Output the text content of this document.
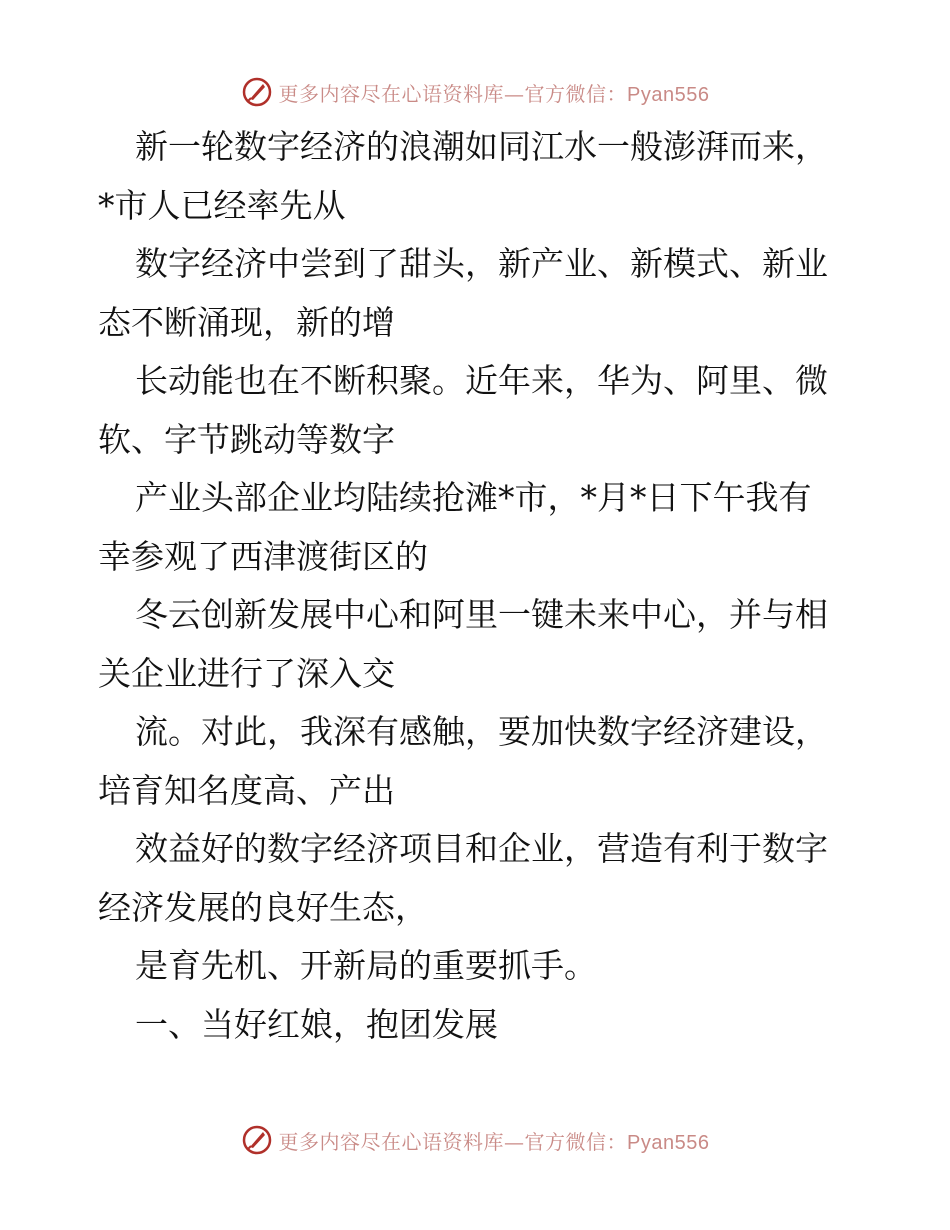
更多内容尽在心语资料库—官方微信：Pyan556
新一轮数字经济的浪潮如同江水一般澎湃而来，
*市人已经率先从
数字经济中尝到了甜头，新产业、新模式、新业
态不断涌现，新的增
长动能也在不断积聚。近年来，华为、阿里、微
软、字节跳动等数字
产业头部企业均陆续抢滩*市，*月*日下午我有
幸参观了西津渡街区的
冬云创新发展中心和阿里一键未来中心，并与相
关企业进行了深入交
流。对此，我深有感触，要加快数字经济建设，
培育知名度高、产出
效益好的数字经济项目和企业，营造有利于数字
经济发展的良好生态，
是育先机、开新局的重要抓手。
一、当好红娘，抱团发展
更多内容尽在心语资料库—官方微信：Pyan556
